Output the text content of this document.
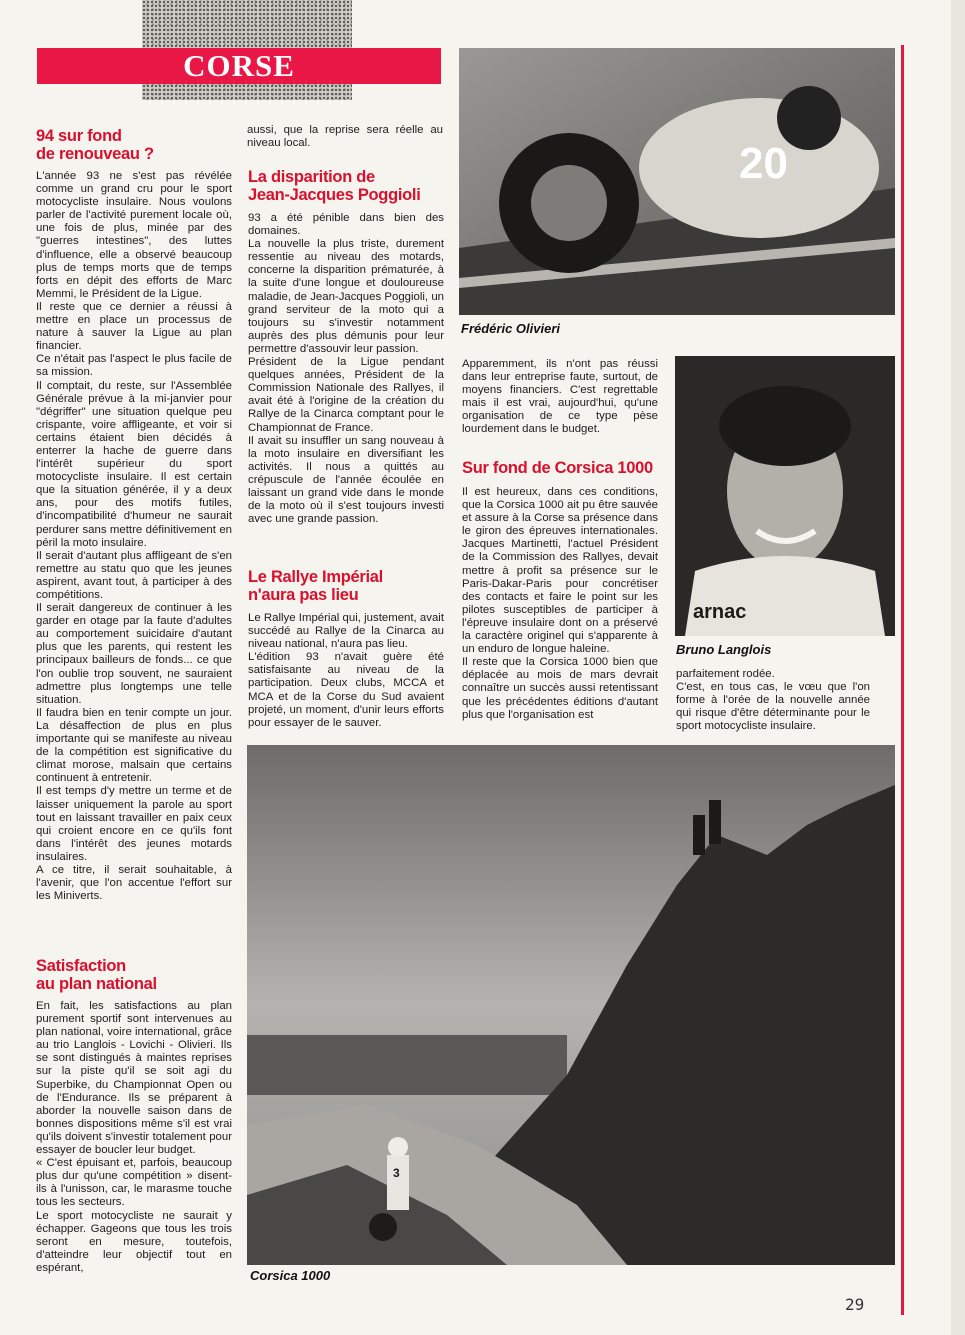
CORSE
94 sur fond
de renouveau ?

L'année 93 ne s'est pas révélée comme un grand cru pour le sport motocycliste insulaire. Nous voulons parler de l'activité purement locale où, une fois de plus, minée par des "guerres intestines", des luttes d'influence, elle a observé beaucoup plus de temps morts que de temps forts en dépit des efforts de Marc Memmi, le Président de la Ligue.
Il reste que ce dernier a réussi à mettre en place un processus de nature à sauver la Ligue au plan financier.
Ce n'était pas l'aspect le plus facile de sa mission.
Il comptait, du reste, sur l'Assemblée Générale prévue à la mi-janvier pour "dégriffer" une situation quelque peu crispante, voire affligeante, et voir si certains étaient bien décidés à enterrer la hache de guerre dans l'intérêt supérieur du sport motocycliste insulaire. Il est certain que la situation générée, il y a deux ans, pour des motifs futiles, d'incompatibilité d'humeur ne saurait perdurer sans mettre définitivement en péril la moto insulaire.
Il serait d'autant plus affligeant de s'en remettre au statu quo que les jeunes aspirent, avant tout, à participer à des compétitions.
Il serait dangereux de continuer à les garder en otage par la faute d'adultes au comportement suicidaire d'autant plus que les parents, qui restent les principaux bailleurs de fonds... ce que l'on oublie trop souvent, ne sauraient admettre plus longtemps une telle situation.
Il faudra bien en tenir compte un jour. La désaffection de plus en plus importante qui se manifeste au niveau de la compétition est significative du climat morose, malsain que certains continuent à entretenir.
Il est temps d'y mettre un terme et de laisser uniquement la parole au sport tout en laissant travailler en paix ceux qui croient encore en ce qu'ils font dans l'intérêt des jeunes motards insulaires.
A ce titre, il serait souhaitable, à l'avenir, que l'on accentue l'effort sur les Miniverts.

Satisfaction
au plan national

En fait, les satisfactions au plan purement sportif sont intervenues au plan national, voire international, grâce au trio Langlois - Lovichi - Olivieri. Ils se sont distingués à maintes reprises sur la piste qu'il se soit agi du Superbike, du Championnat Open ou de l'Endurance. Ils se préparent à aborder la nouvelle saison dans de bonnes dispositions même s'il est vrai qu'ils doivent s'investir totalement pour essayer de boucler leur budget.
« C'est épuisant et, parfois, beaucoup plus dur qu'une compétition » disent-ils à l'unisson, car, le marasme touche tous les secteurs.
Le sport motocycliste ne saurait y échapper. Gageons que tous les trois seront en mesure, toutefois, d'atteindre leur objectif tout en espérant,

aussi, que la reprise sera réelle au niveau local.

La disparition de
Jean-Jacques Poggioli

93 a été pénible dans bien des domaines.
La nouvelle la plus triste, durement ressentie au niveau des motards, concerne la disparition prématurée, à la suite d'une longue et douloureuse maladie, de Jean-Jacques Poggioli, un grand serviteur de la moto qui a toujours su s'investir notamment auprès des plus démunis pour leur permettre d'assouvir leur passion.
Président de la Ligue pendant quelques années, Président de la Commission Nationale des Rallyes, il avait été à l'origine de la création du Rallye de la Cinarca comptant pour le Championnat de France.
Il avait su insuffler un sang nouveau à la moto insulaire en diversifiant les activités. Il nous a quittés au crépuscule de l'année écoulée en laissant un grand vide dans le monde de la moto où il s'est toujours investi avec une grande passion.

Le Rallye Impérial
n'aura pas lieu

Le Rallye Impérial qui, justement, avait succédé au Rallye de la Cinarca au niveau national, n'aura pas lieu.
L'édition 93 n'avait guère été satisfaisante au niveau de la participation. Deux clubs, MCCA et MCA et de la Corse du Sud avaient projeté, un moment, d'unir leurs efforts pour essayer de le sauver.

20
Frédéric Olivieri

Apparemment, ils n'ont pas réussi dans leur entreprise faute, surtout, de moyens financiers. C'est regrettable mais il est vrai, aujourd'hui, qu'une organisation de ce type pèse lourdement dans le budget.

Sur fond de Corsica 1000

Il est heureux, dans ces conditions, que la Corsica 1000 ait pu être sauvée et assure à la Corse sa présence dans le giron des épreuves internationales. Jacques Martinetti, l'actuel Président de la Commission des Rallyes, devait mettre à profit sa présence sur le Paris-Dakar-Paris pour concrétiser des contacts et faire le point sur les pilotes susceptibles de participer à l'épreuve insulaire dont on a préservé la caractère originel qui s'apparente à un enduro de longue haleine.
Il reste que la Corsica 1000 bien que déplacée au mois de mars devrait connaître un succès aussi retentissant que les précédentes éditions d'autant plus que l'organisation est

arnac
Bruno Langlois

parfaitement rodée.
C'est, en tous cas, le vœu que l'on forme à l'orée de la nouvelle année qui risque d'être déterminante pour le sport motocycliste insulaire.

3
Corsica 1000
29
